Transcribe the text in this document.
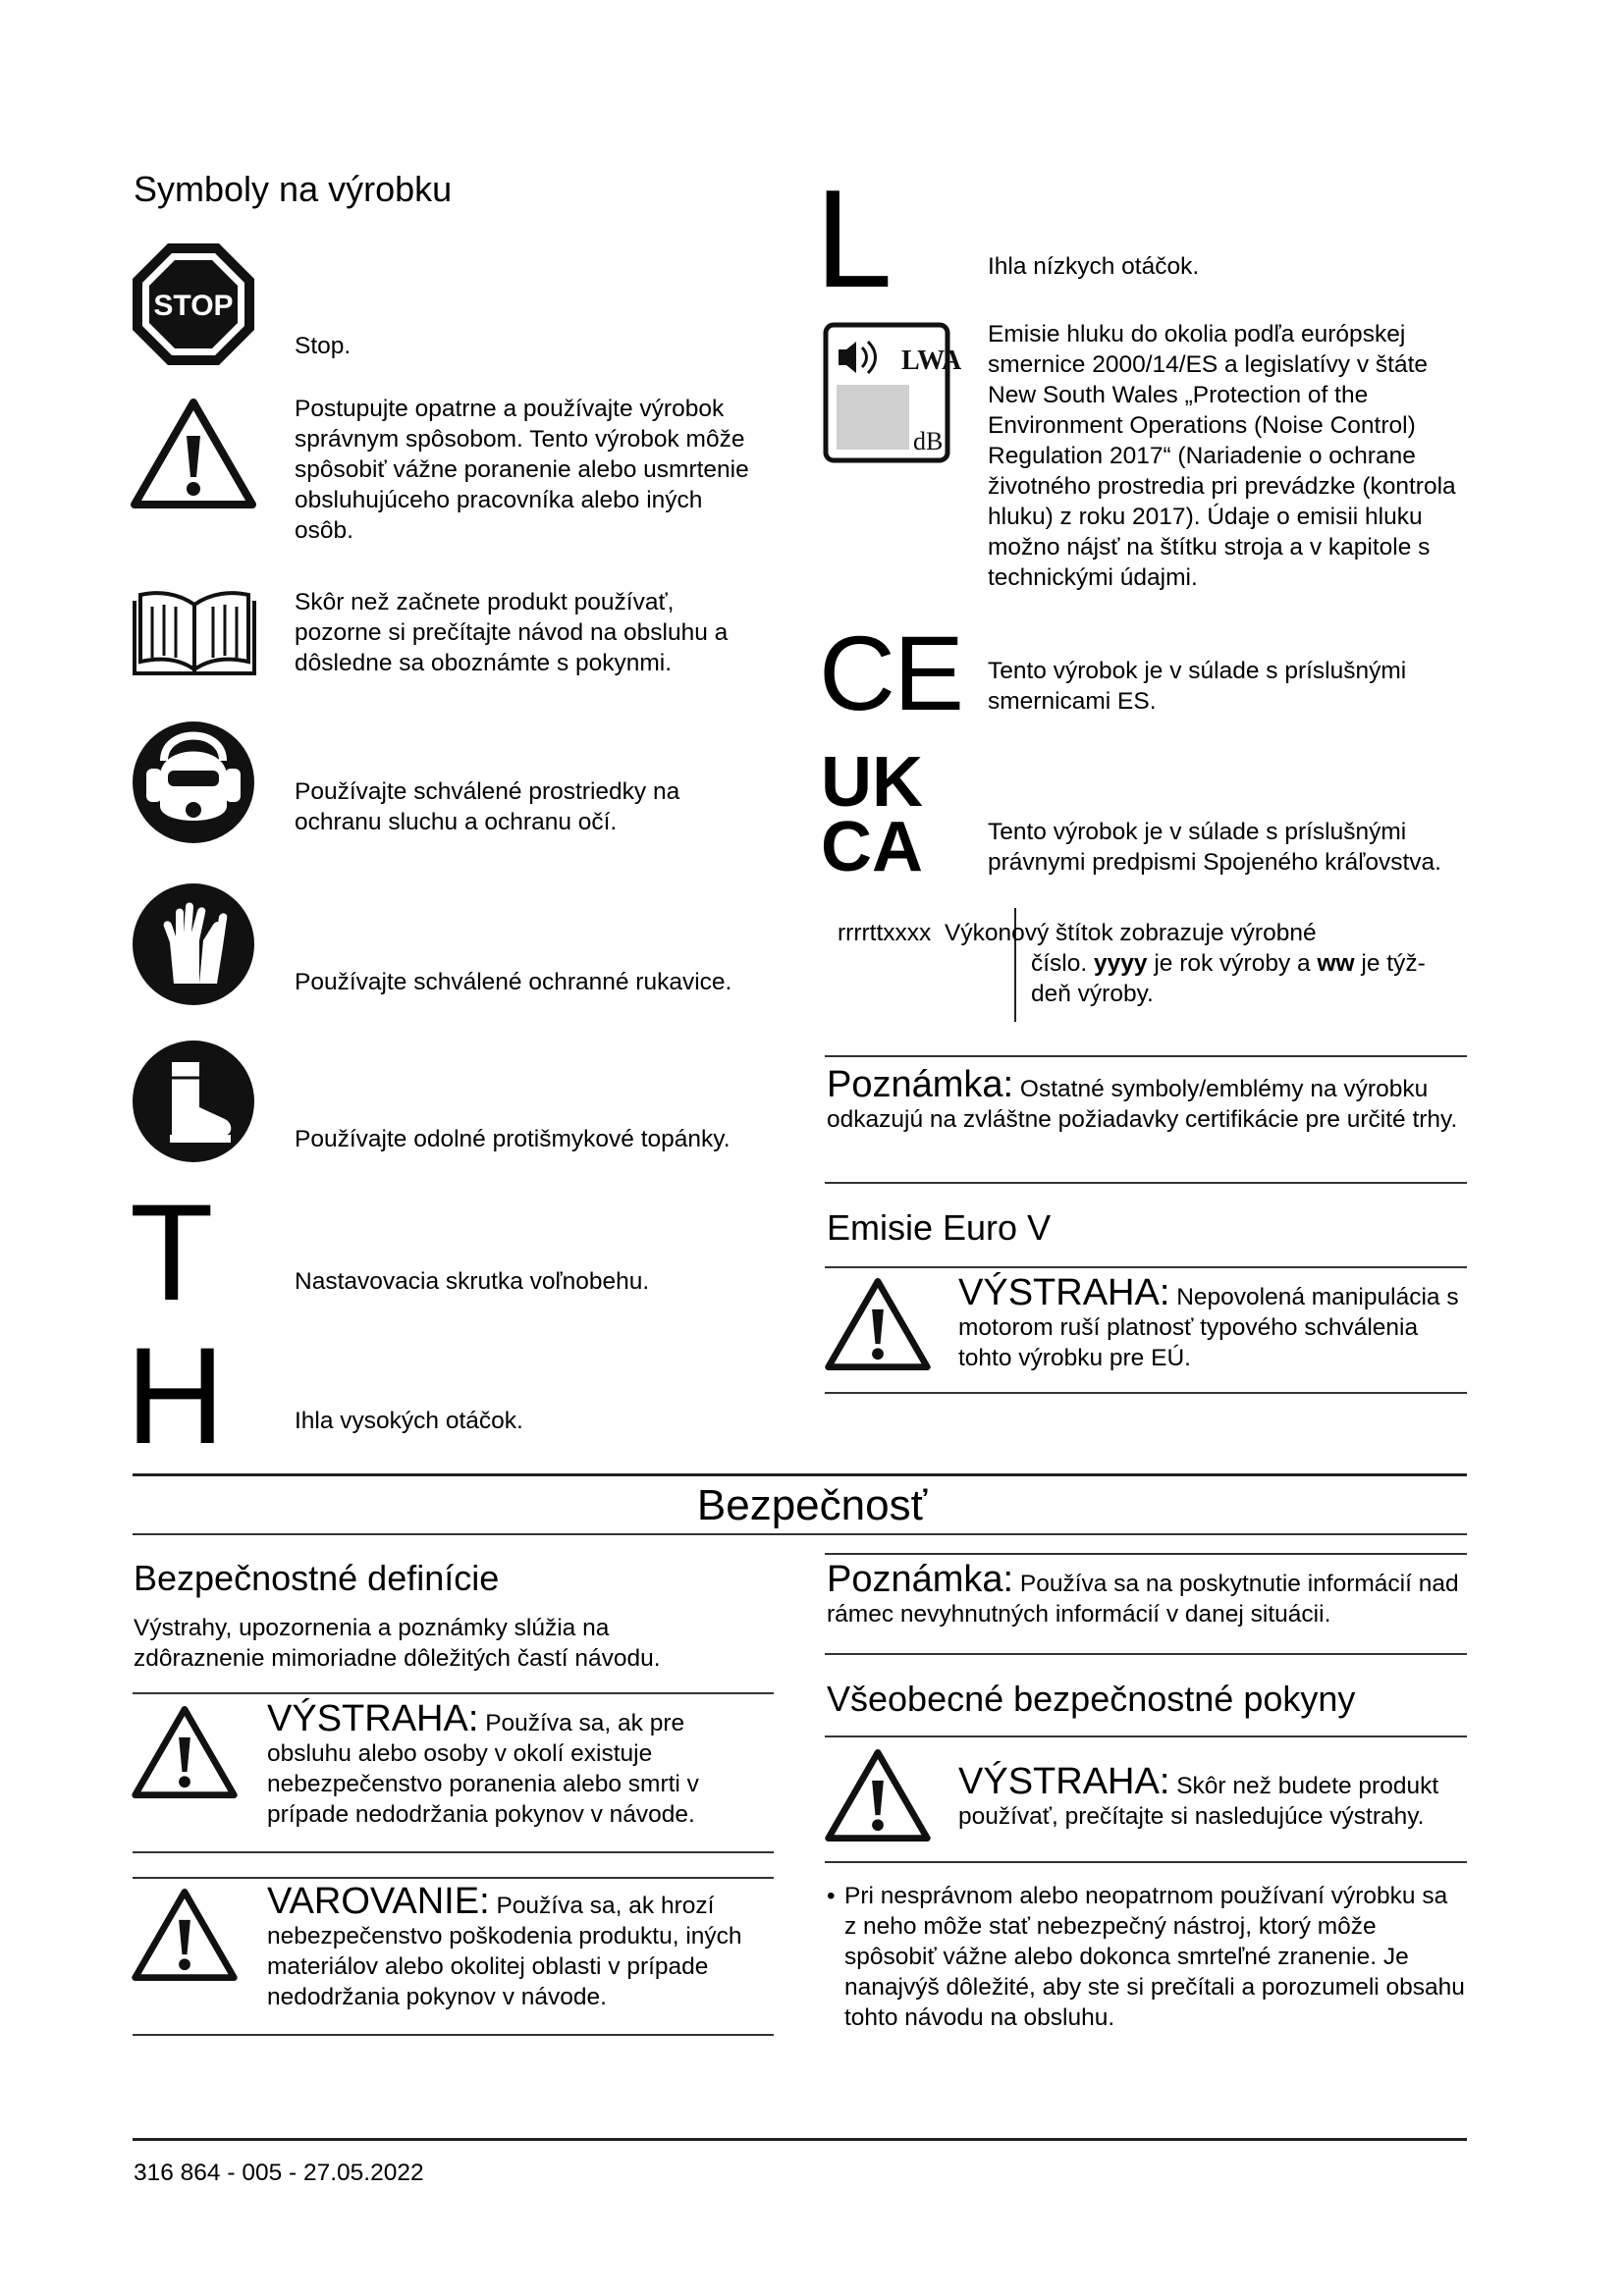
Symboly na výrobku
STOP
Stop.
Postupujte opatrne a používajte výrobok správnym spôsobom. Tento výrobok môže spôsobiť vážne poranenie alebo usmrtenie obsluhujúceho pracovníka alebo iných osôb.
Skôr než začnete produkt používať, pozorne si prečítajte návod na obsluhu a dôsledne sa oboznámte s pokynmi.
Používajte schválené prostriedky na ochranu sluchu a ochranu očí.
Používajte schválené ochranné rukavice.
Používajte odolné protišmykové topánky.
T	Nastavovacia skrutka voľnobehu.
H	Ihla vysokých otáčok.
L	Ihla nízkych otáčok.
LWA
dB
Emisie hluku do okolia podľa európskej smernice 2000/14/ES a legislatívy v štáte New South Wales „Protection of the Environment Operations (Noise Control) Regulation 2017“ (Nariadenie o ochrane životného prostredia pri prevádzke (kontrola hluku) z roku 2017). Údaje o emisii hluku možno nájsť na štítku stroja a v kapitole s technickými údajmi.
CE Tento výrobok je v súlade s príslušnými smernicami ES.
UK
CA	Tento výrobok je v súlade s príslušnými právnymi predpismi Spojeného kráľovstva.
rrrrttxxxx Výkonový štítok zobrazuje výrobné
číslo. yyyy je rok výroby a ww je týž-
deň výroby.
Poznámka: Ostatné symboly/emblémy na výrobku odkazujú na zvláštne požiadavky certifikácie pre určité trhy.
Emisie Euro V
VÝSTRAHA: Nepovolená manipulácia s motorom ruší platnosť typového schválenia tohto výrobku pre EÚ.
Bezpečnosť
Bezpečnostné definície
Výstrahy, upozornenia a poznámky slúžia na zdôraznenie mimoriadne dôležitých častí návodu.
VÝSTRAHA: Používa sa, ak pre obsluhu alebo osoby v okolí existuje nebezpečenstvo poranenia alebo smrti v prípade nedodržania pokynov v návode.
VAROVANIE: Používa sa, ak hrozí nebezpečenstvo poškodenia produktu, iných materiálov alebo okolitej oblasti v prípade nedodržania pokynov v návode.
Poznámka: Používa sa na poskytnutie informácií nad rámec nevyhnutných informácií v danej situácii.
Všeobecné bezpečnostné pokyny
VÝSTRAHA: Skôr než budete produkt používať, prečítajte si nasledujúce výstrahy.
• Pri nesprávnom alebo neopatrnom používaní výrobku sa z neho môže stať nebezpečný nástroj, ktorý môže spôsobiť vážne alebo dokonca smrteľné zranenie. Je nanajvýš dôležité, aby ste si prečítali a porozumeli obsahu tohto návodu na obsluhu.
316 864 - 005 - 27.05.2022
